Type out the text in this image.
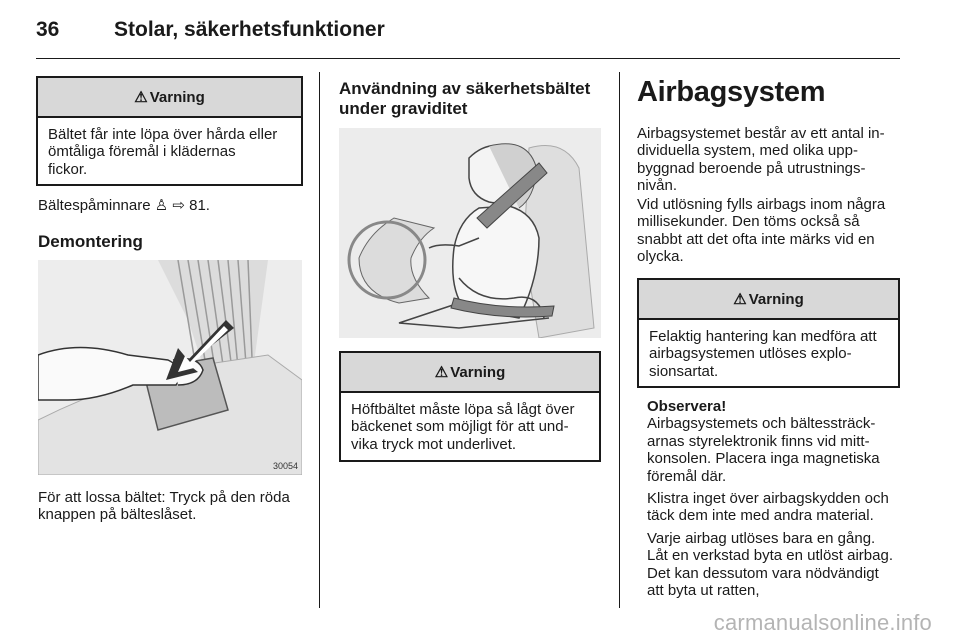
36	Stolar, säkerhetsfunktioner
⚠ Varning
Bältet får inte löpa över hårda eller
ömtåliga föremål i klädernas
fickor.
Bältespåminnare ♙ ⇨ 81.
Demontering
30054
För att lossa bältet: Tryck på den röda
knappen på bälteslåset.
Användning av säkerhetsbältet
under graviditet
⚠ Varning
Höftbältet måste löpa så lågt över
bäckenet som möjligt för att und-
vika tryck mot underlivet.
Airbagsystem
Airbagsystemet består av ett antal in-
dividuella system, med olika upp-
byggnad beroende på utrustnings-
nivån.
Vid utlösning fylls airbags inom några
millisekunder. Den töms också så
snabbt att det ofta inte märks vid en
olycka.
⚠ Varning
Felaktig hantering kan medföra att
airbagsystemen utlöses explo-
sionsartat.
Observera!
Airbagsystemets och bältessträck-
arnas styrelektronik finns vid mitt-
konsolen. Placera inga magnetiska
föremål där.
Klistra inget över airbagskydden och
täck dem inte med andra material.
Varje airbag utlöses bara en gång.
Låt en verkstad byta en utlöst airbag.
Det kan dessutom vara nödvändigt
att byta ut ratten,
carmanualsonline.info
